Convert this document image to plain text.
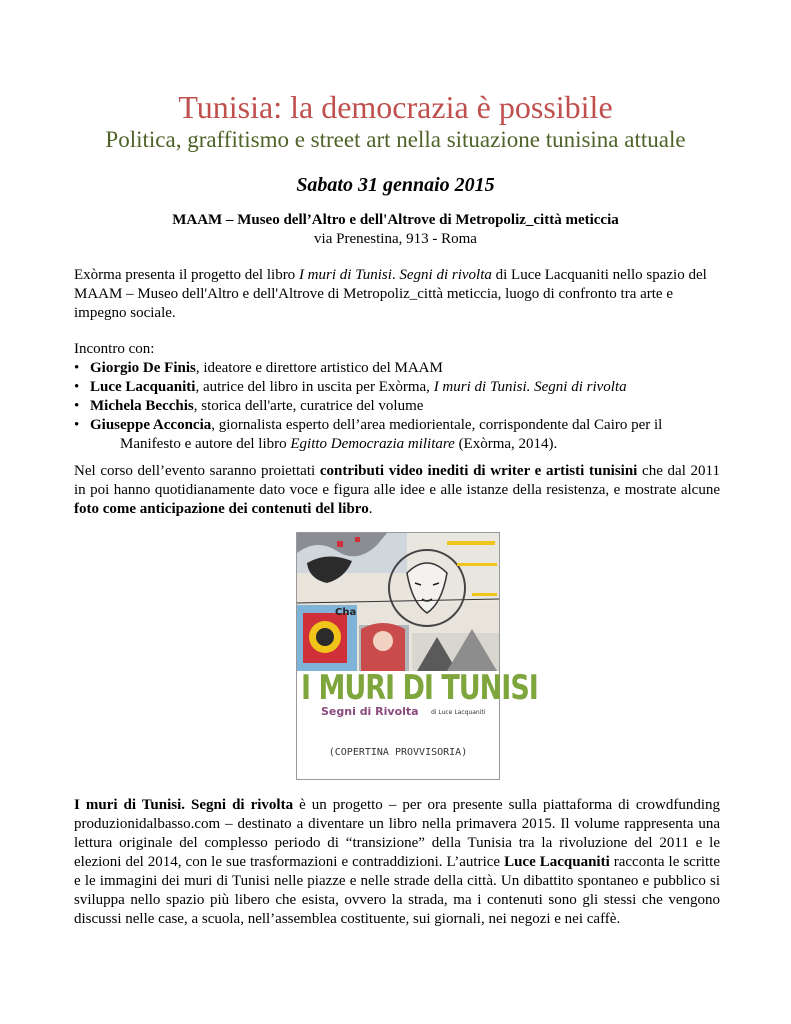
Tunisia: la democrazia è possibile
Politica, graffitismo e street art nella situazione tunisina attuale
Sabato 31 gennaio 2015
MAAM – Museo dell’Altro e dell'Altrove di Metropoliz_città meticcia
via Prenestina, 913 - Roma
Exòrma presenta il progetto del libro I muri di Tunisi. Segni di rivolta di Luce Lacquaniti nello spazio del MAAM – Museo dell'Altro e dell'Altrove di Metropoliz_città meticcia, luogo di confronto tra arte e impegno sociale.
Incontro con:
• Giorgio De Finis, ideatore e direttore artistico del MAAM
• Luce Lacquaniti, autrice del libro in uscita per Exòrma, I muri di Tunisi. Segni di rivolta
• Michela Becchis, storica dell'arte, curatrice del volume
• Giuseppe Acconcia, giornalista esperto dell’area mediorientale, corrispondente dal Cairo per il
Manifesto e autore del libro Egitto Democrazia militare (Exòrma, 2014).
Nel corso dell’evento saranno proiettati contributi video inediti di writer e artisti tunisini che dal 2011 in poi hanno quotidianamente dato voce e figura alle idee e alle istanze della resistenza, e mostrate alcune foto come anticipazione dei contenuti del libro.
Cha
I MURI DI TUNISI
Segni di Rivolta di Luce Lacquaniti
(COPERTINA PROVVISORIA)
I muri di Tunisi. Segni di rivolta è un progetto – per ora presente sulla piattaforma di crowdfunding produzionidalbasso.com – destinato a diventare un libro nella primavera 2015. Il volume rappresenta una lettura originale del complesso periodo di “transizione” della Tunisia tra la rivoluzione del 2011 e le elezioni del 2014, con le sue trasformazioni e contraddizioni. L’autrice Luce Lacquaniti racconta le scritte e le immagini dei muri di Tunisi nelle piazze e nelle strade della città. Un dibattito spontaneo e pubblico si sviluppa nello spazio più libero che esista, ovvero la strada, ma i contenuti sono gli stessi che vengono discussi nelle case, a scuola, nell’assemblea costituente, sui giornali, nei negozi e nei caffè.
